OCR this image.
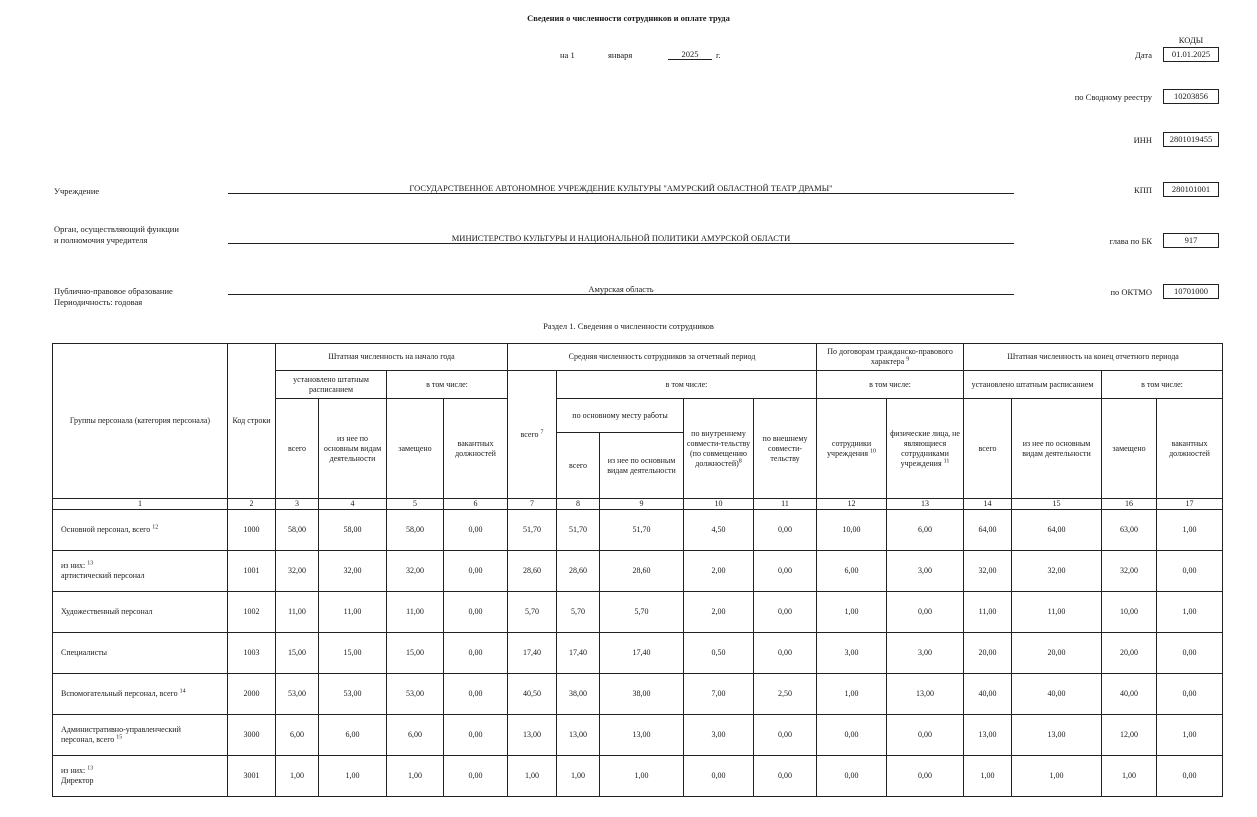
Сведения о численности сотрудников и оплате труда
на 1	января	2025	г.
КОДЫ
Дата	01.01.2025
по Сводному реестру	10203856
ИНН	2801019455
КПП	280101001
глава по БК	917
по ОКТМО	10701000
Учреждение	ГОСУДАРСТВЕННОЕ АВТОНОМНОЕ УЧРЕЖДЕНИЕ КУЛЬТУРЫ "АМУРСКИЙ ОБЛАСТНОЙ ТЕАТР ДРАМЫ"
Орган, осуществляющий функции
и полномочия учредителя	МИНИСТЕРСТВО КУЛЬТУРЫ И НАЦИОНАЛЬНОЙ ПОЛИТИКИ АМУРСКОЙ ОБЛАСТИ
Публично-правовое образование	Амурская область
Периодичность: годовая
Раздел 1. Сведения о численности сотрудников
Группы персонала (категория персонала)	Код строки	Штатная численность на начало года				Средняя численность сотрудников за отчетный период					По договорам гражданско-правового характера $^9$		Штатная численность на конец отчетного периода			
		установлено штатным расписанием		в том числе:		всего $^7$	в том числе:				в том числе:		установлено штатным расписанием		в том числе:	
		всего	из нее по основным видам деятельности	замещено	вакантных должностей		по основному месту работы		по внутреннему совмести-тельству (по совмещению должностей)$^8$	по внешнему совмести-тельству	сотрудники учреждения $^{10}$	физические лица, не являющиеся сотрудниками учреждения $^{11}$	всего	из нее по основным видам деятельности	замещено	вакантных должностей
							всего	из нее по основным видам деятельности								
1	2	3	4	5	6	7	8	9	10	11	12	13	14	15	16	17
Основной персонал, всего $^{12}$	1000	58,00	58,00	58,00	0,00	51,70	51,70	51,70	4,50	0,00	10,00	6,00	64,00	64,00	63,00	1,00
из них: $^{13}$
артистический персонал	1001	32,00	32,00	32,00	0,00	28,60	28,60	28,60	2,00	0,00	6,00	3,00	32,00	32,00	32,00	0,00
Художественный персонал	1002	11,00	11,00	11,00	0,00	5,70	5,70	5,70	2,00	0,00	1,00	0,00	11,00	11,00	10,00	1,00
Специалисты	1003	15,00	15,00	15,00	0,00	17,40	17,40	17,40	0,50	0,00	3,00	3,00	20,00	20,00	20,00	0,00
Вспомогательный персонал, всего $^{14}$	2000	53,00	53,00	53,00	0,00	40,50	38,00	38,00	7,00	2,50	1,00	13,00	40,00	40,00	40,00	0,00
Административно-управленческий
персонал, всего $^{15}$	3000	6,00	6,00	6,00	0,00	13,00	13,00	13,00	3,00	0,00	0,00	0,00	13,00	13,00	12,00	1,00
из них: $^{13}$
Директор	3001	1,00	1,00	1,00	0,00	1,00	1,00	1,00	0,00	0,00	0,00	0,00	1,00	1,00	1,00	0,00
